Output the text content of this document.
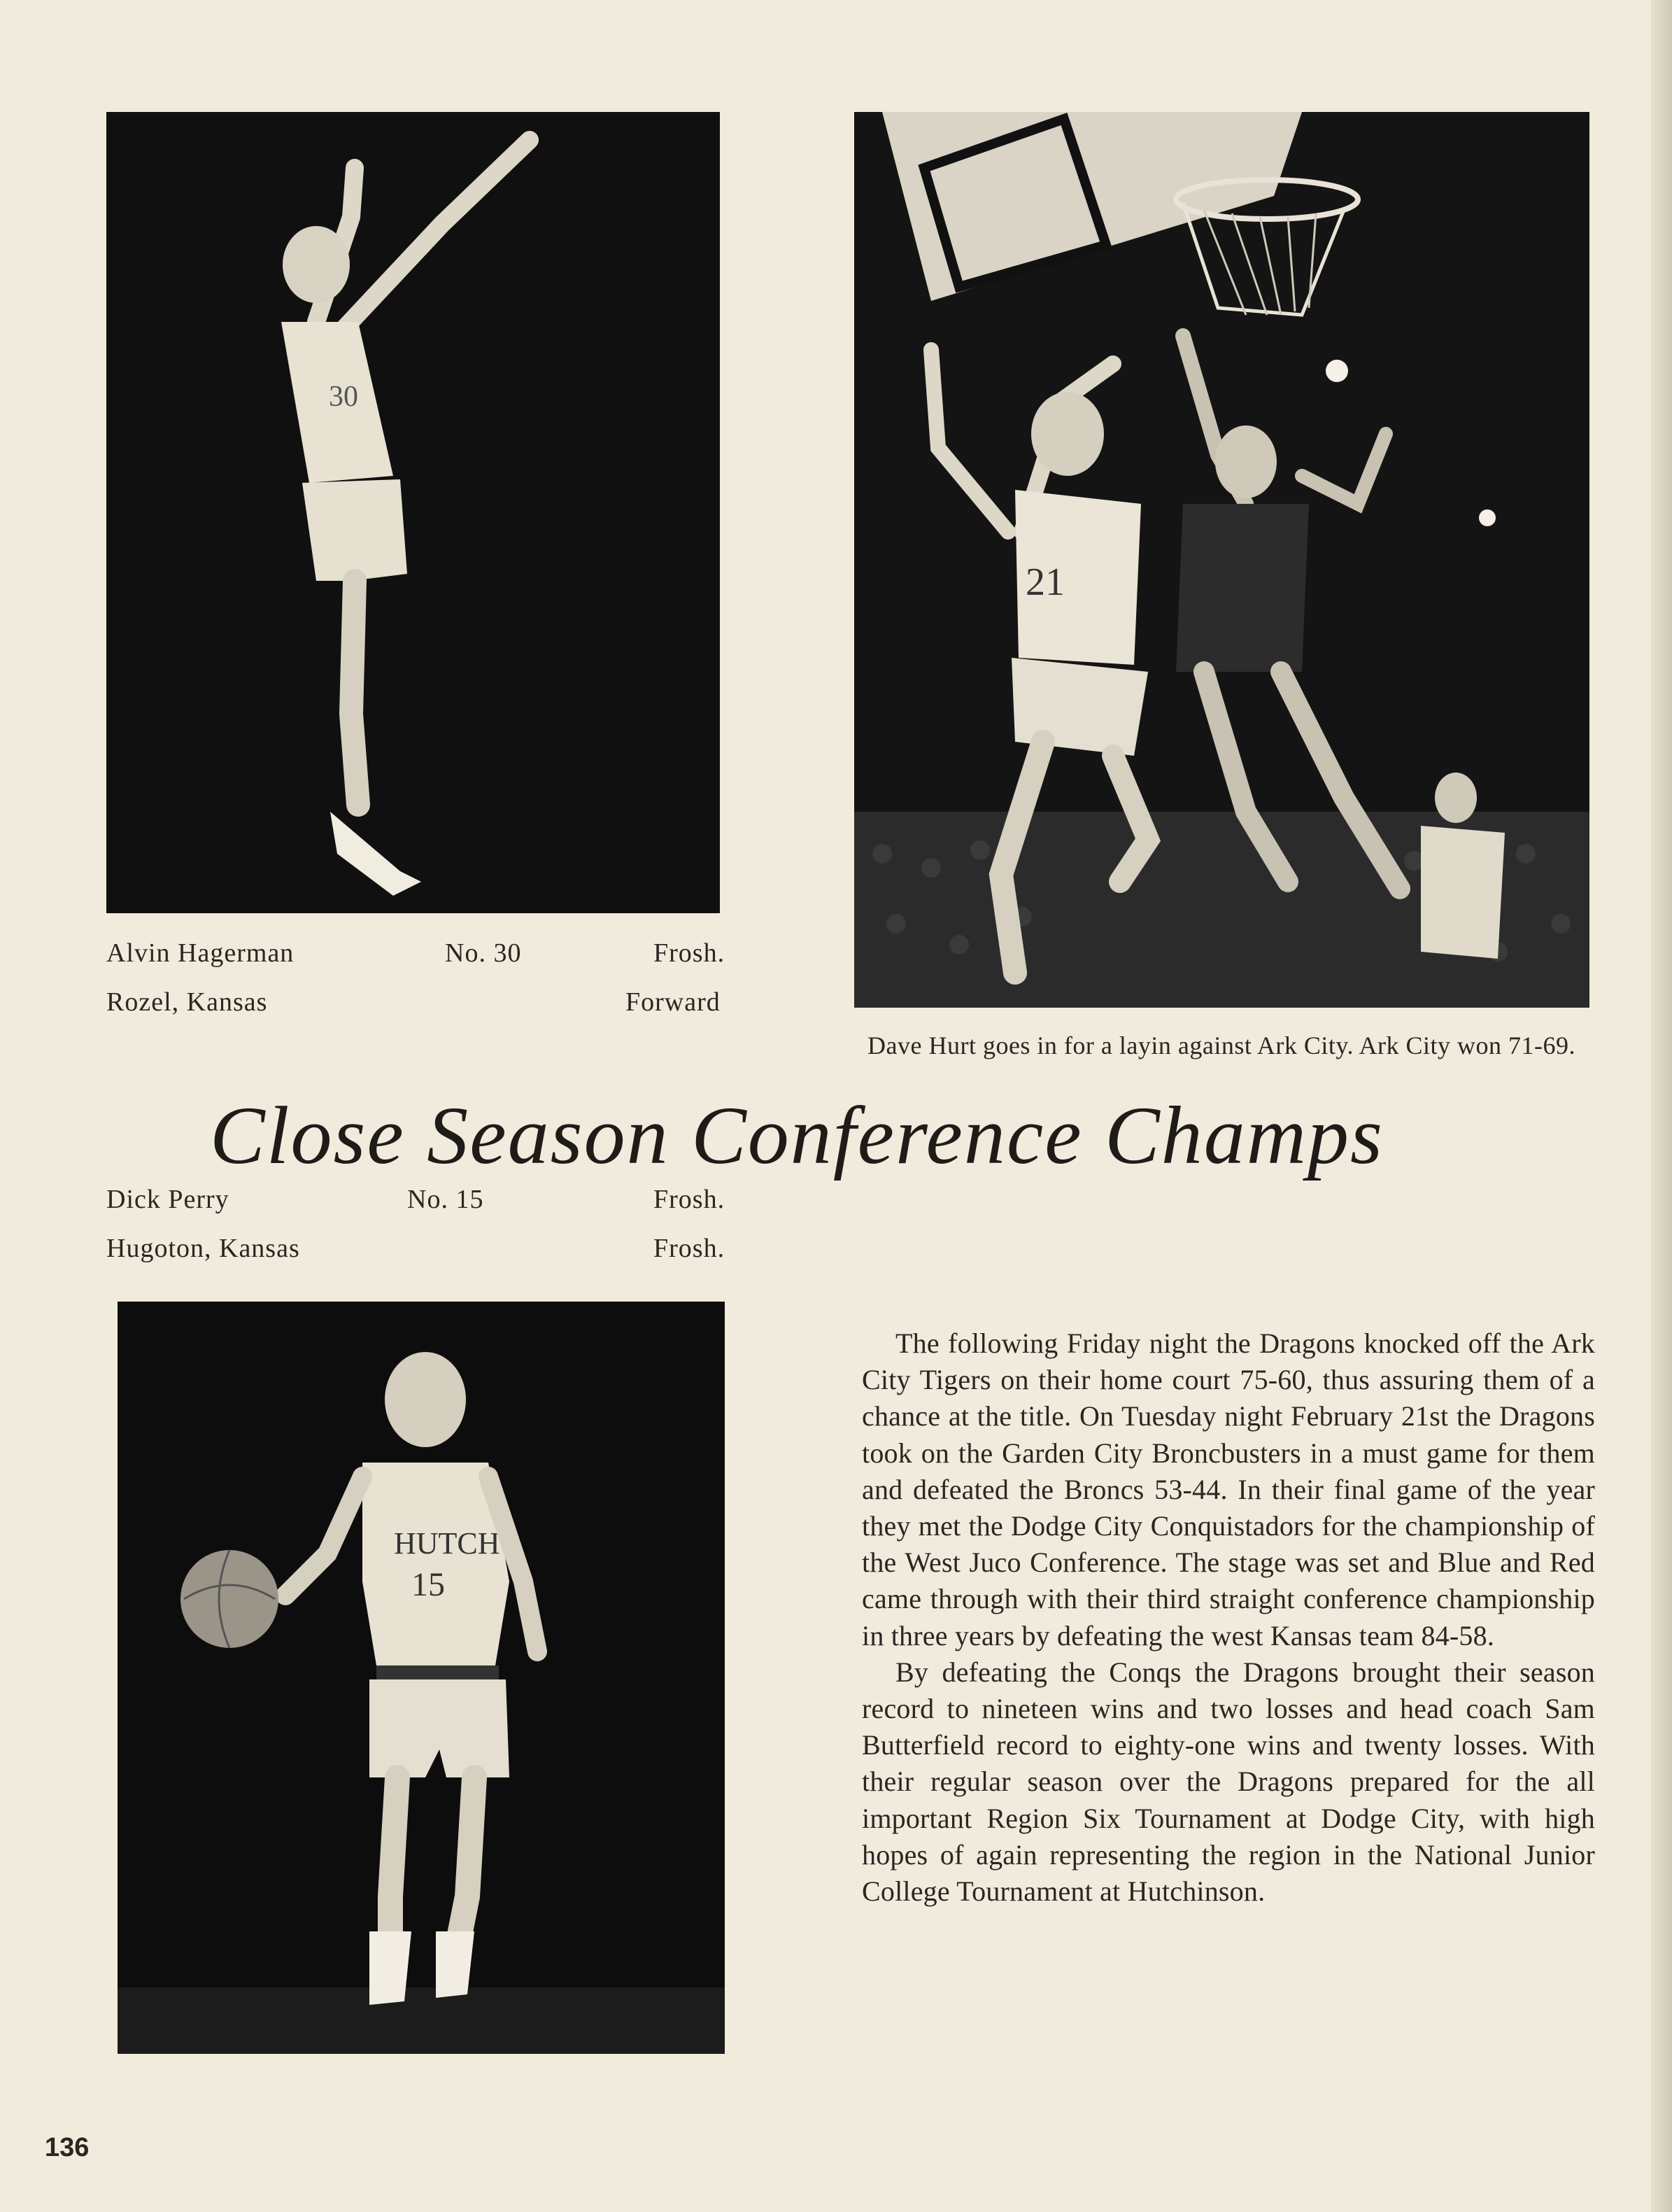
30
Alvin Hagerman	No. 30	Frosh.
Rozel, Kansas	Forward
21
Dave Hurt goes in for a layin against Ark City. Ark City won 71-69.
Close Season Conference Champs
Dick Perry	No. 15	Frosh.
Hugoton, Kansas	Frosh.
HUTCH
15

The following Friday night the Dragons knocked off the Ark City Tigers on their home court 75-60, thus assuring them of a chance at the title. On Tuesday night February 21st the Dragons took on the Garden City Broncbusters in a must game for them and defeated the Broncs 53-44. In their final game of the year they met the Dodge City Conquistadors for the championship of the West Juco Conference. The stage was set and Blue and Red came through with their third straight conference championship in three years by defeating the west Kansas team 84-58.

By defeating the Conqs the Dragons brought their season record to nineteen wins and two losses and head coach Sam Butterfield record to eighty-one wins and twenty losses. With their regular season over the Dragons prepared for the all important Region Six Tournament at Dodge City, with high hopes of again representing the region in the National Junior College Tournament at Hutchinson.

136
